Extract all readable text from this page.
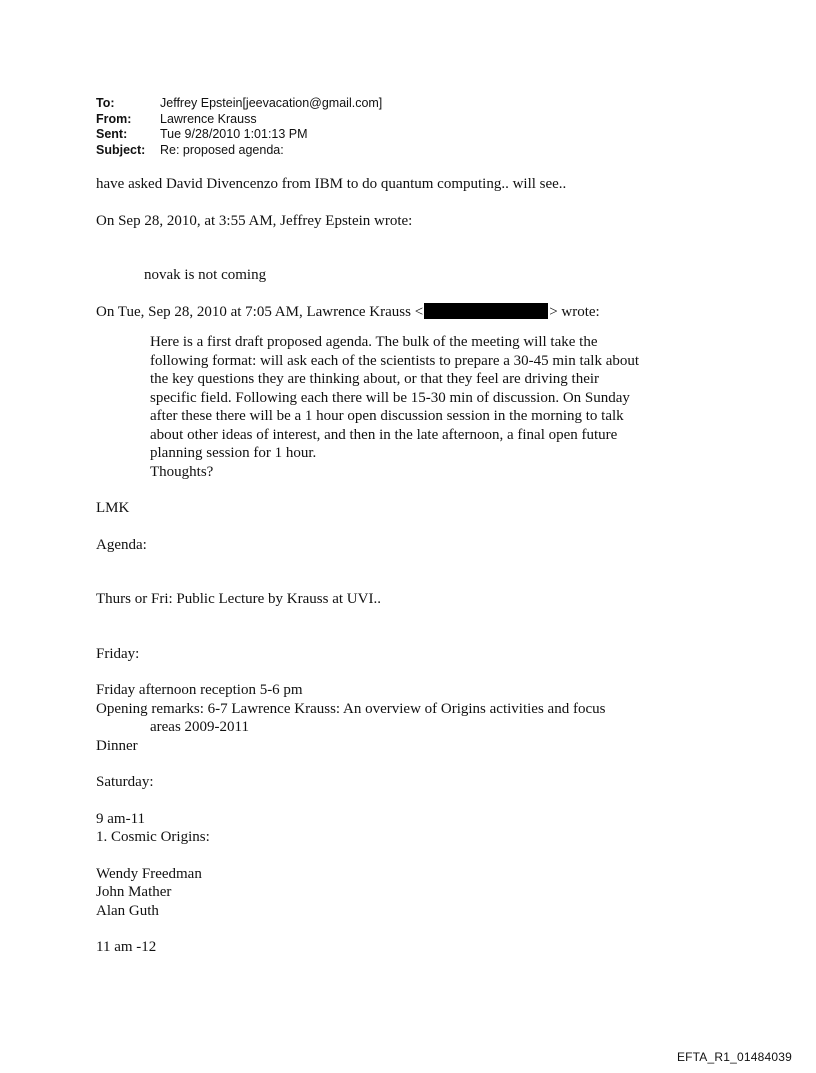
To:	Jeffrey Epstein[jeevacation@gmail.com]
From:	Lawrence Krauss
Sent:	Tue 9/28/2010 1:01:13 PM
Subject:	Re: proposed agenda:

have asked David Divencenzo from IBM to do quantum computing.. will see..

On Sep 28, 2010, at 3:55 AM, Jeffrey Epstein wrote:

novak is not coming

On Tue, Sep 28, 2010 at 7:05 AM, Lawrence Krauss <	> wrote:

Here is a first draft proposed agenda. The bulk of the meeting will take the
following format: will ask each of the scientists to prepare a 30-45 min talk about
the key questions they are thinking about, or that they feel are driving their
specific field. Following each there will be 15-30 min of discussion. On Sunday
after these there will be a 1 hour open discussion session in the morning to talk
about other ideas of interest, and then in the late afternoon, a final open future
planning session for 1 hour.
Thoughts?

LMK

Agenda:

Thurs or Fri: Public Lecture by Krauss at UVI..

Friday:

Friday afternoon reception 5-6 pm

Opening remarks: 6-7 Lawrence Krauss: An overview of Origins activities and focus

areas 2009-2011

Dinner

Saturday:

9 am-11

1. Cosmic Origins:

Wendy Freedman
John Mather
Alan Guth

11 am -12

EFTA_R1_01484039
